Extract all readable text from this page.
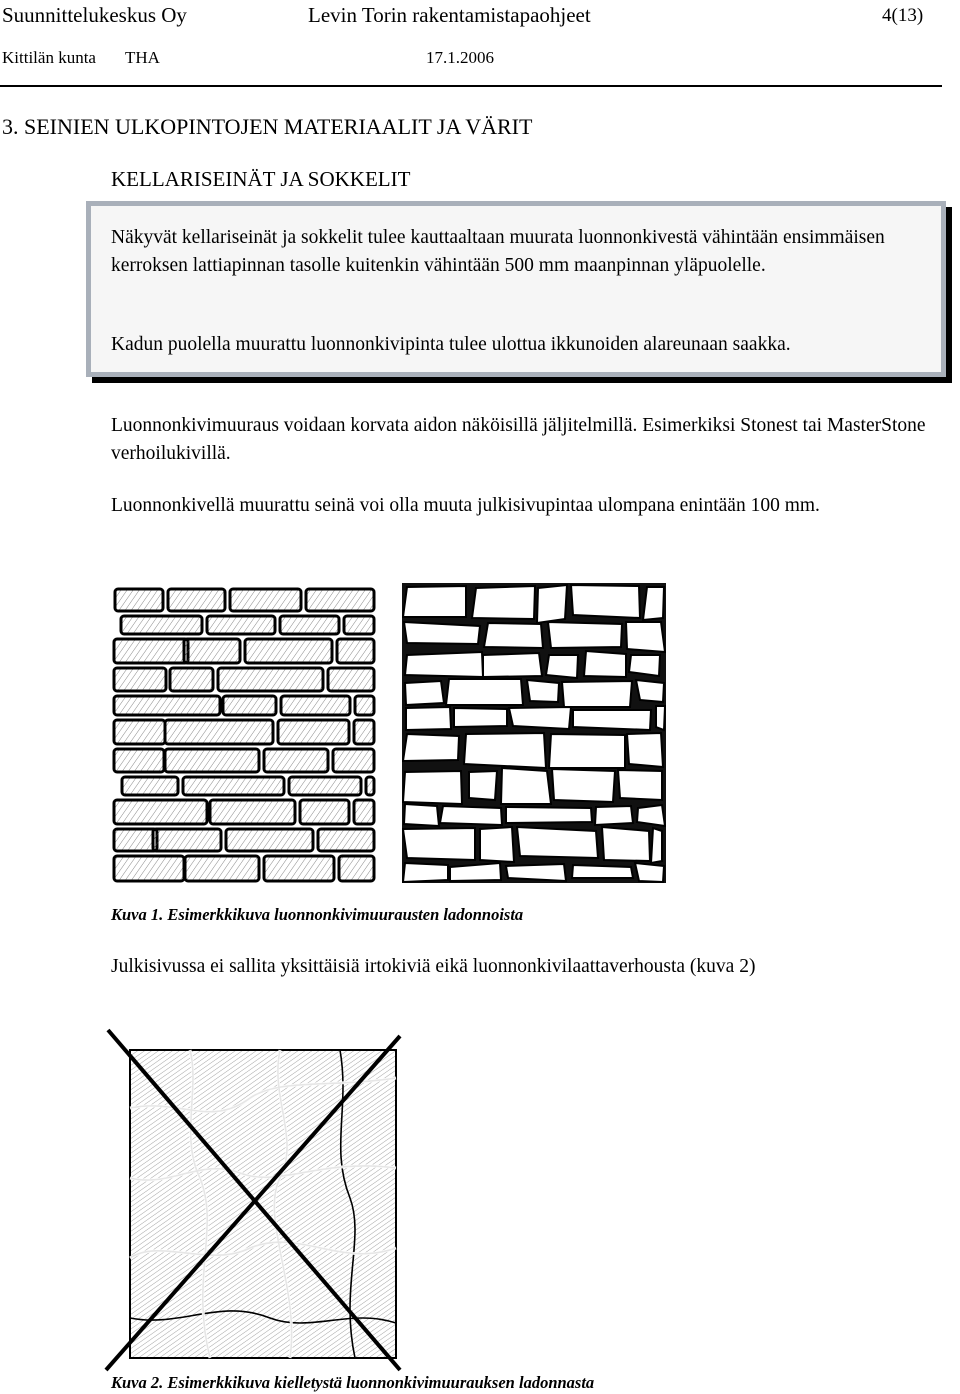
Suunnittelukeskus Oy	Levin Torin rakentamistapaohjeet	4(13)
Kittilän kunta THA	17.1.2006
3. SEINIEN ULKOPINTOJEN MATERIAALIT JA VÄRIT
KELLARISEINÄT JA SOKKELIT
Näkyvät kellariseinät ja sokkelit tulee kauttaaltaan muurata luonnonkivestä vähintään ensimmäisen kerroksen lattiapinnan tasolle kuitenkin vähintään 500 mm maanpinnan yläpuolelle.
Kadun puolella muurattu luonnonkivipinta tulee ulottua ikkunoiden alareunaan saakka.
Luonnonkivimuuraus voidaan korvata aidon näköisillä jäljitelmillä. Esimerkiksi Stonest tai MasterStone verhoilukivillä.
Luonnonkivellä muurattu seinä voi olla muuta julkisivupintaa ulompana enintään 100 mm.
Kuva 1. Esimerkkikuva luonnonkivimuurausten ladonnoista
Julkisivussa ei sallita yksittäisiä irtokiviä eikä luonnonkivilaattaverhousta (kuva 2)
Kuva 2. Esimerkkikuva kielletystä luonnonkivimuurauksen ladonnasta
